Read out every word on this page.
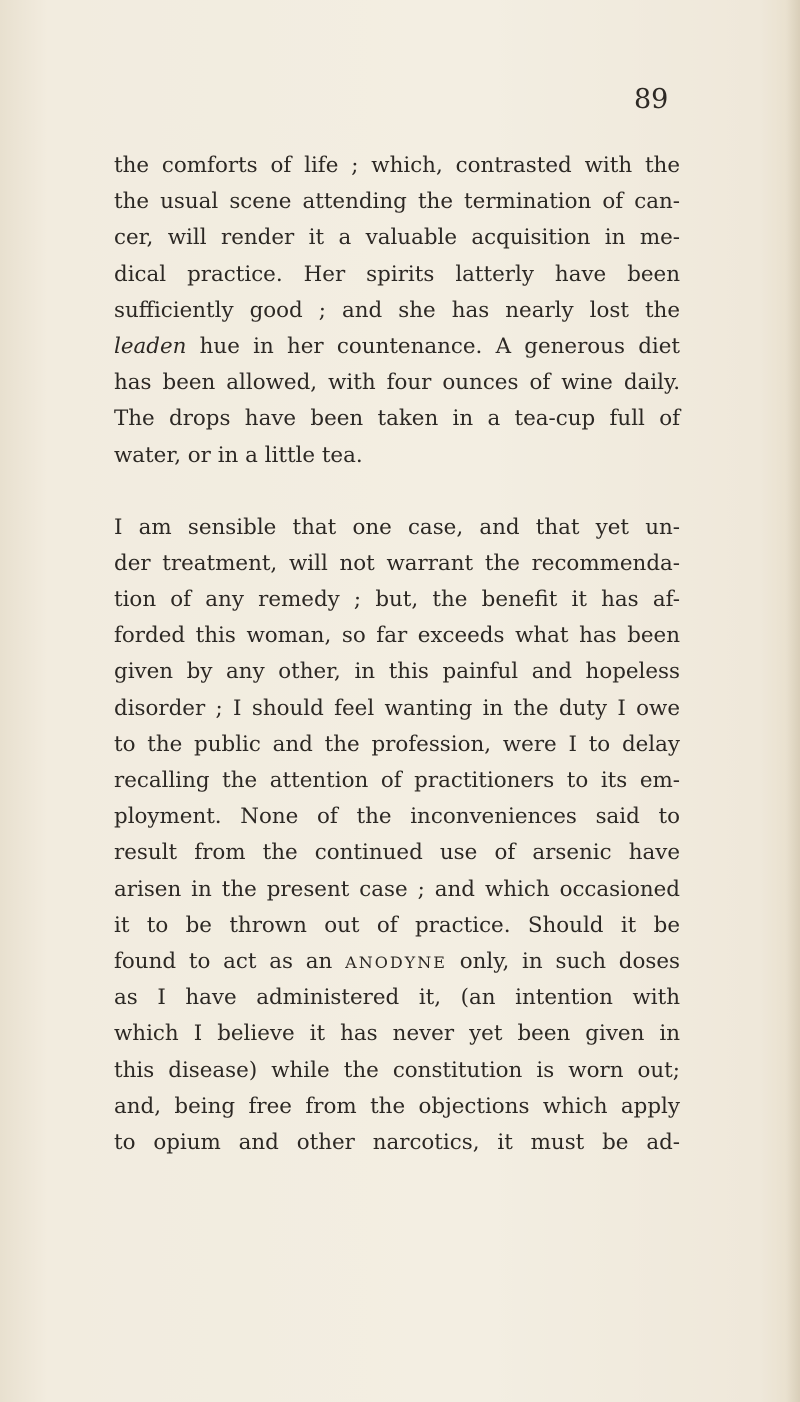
89
the comforts of life ; which, contrasted with the
the usual scene attending the termination of can-
cer, will render it a valuable acquisition in me-
dical practice. Her spirits latterly have been
sufficiently good ; and she has nearly lost the
leaden hue in her countenance. A generous diet
has been allowed, with four ounces of wine daily.
The drops have been taken in a tea-cup full of
water, or in a little tea.
I am sensible that one case, and that yet un-
der treatment, will not warrant the recommenda-
tion of any remedy ; but, the benefit it has af-
forded this woman, so far exceeds what has been
given by any other, in this painful and hopeless
disorder ; I should feel wanting in the duty I owe
to the public and the profession, were I to delay
recalling the attention of practitioners to its em-
ployment. None of the inconveniences said to
result from the continued use of arsenic have
arisen in the present case ; and which occasioned
it to be thrown out of practice. Should it be
found to act as an ANODYNE only, in such doses
as I have administered it, (an intention with
which I believe it has never yet been given in
this disease) while the constitution is worn out;
and, being free from the objections which apply
to opium and other narcotics, it must be ad-
